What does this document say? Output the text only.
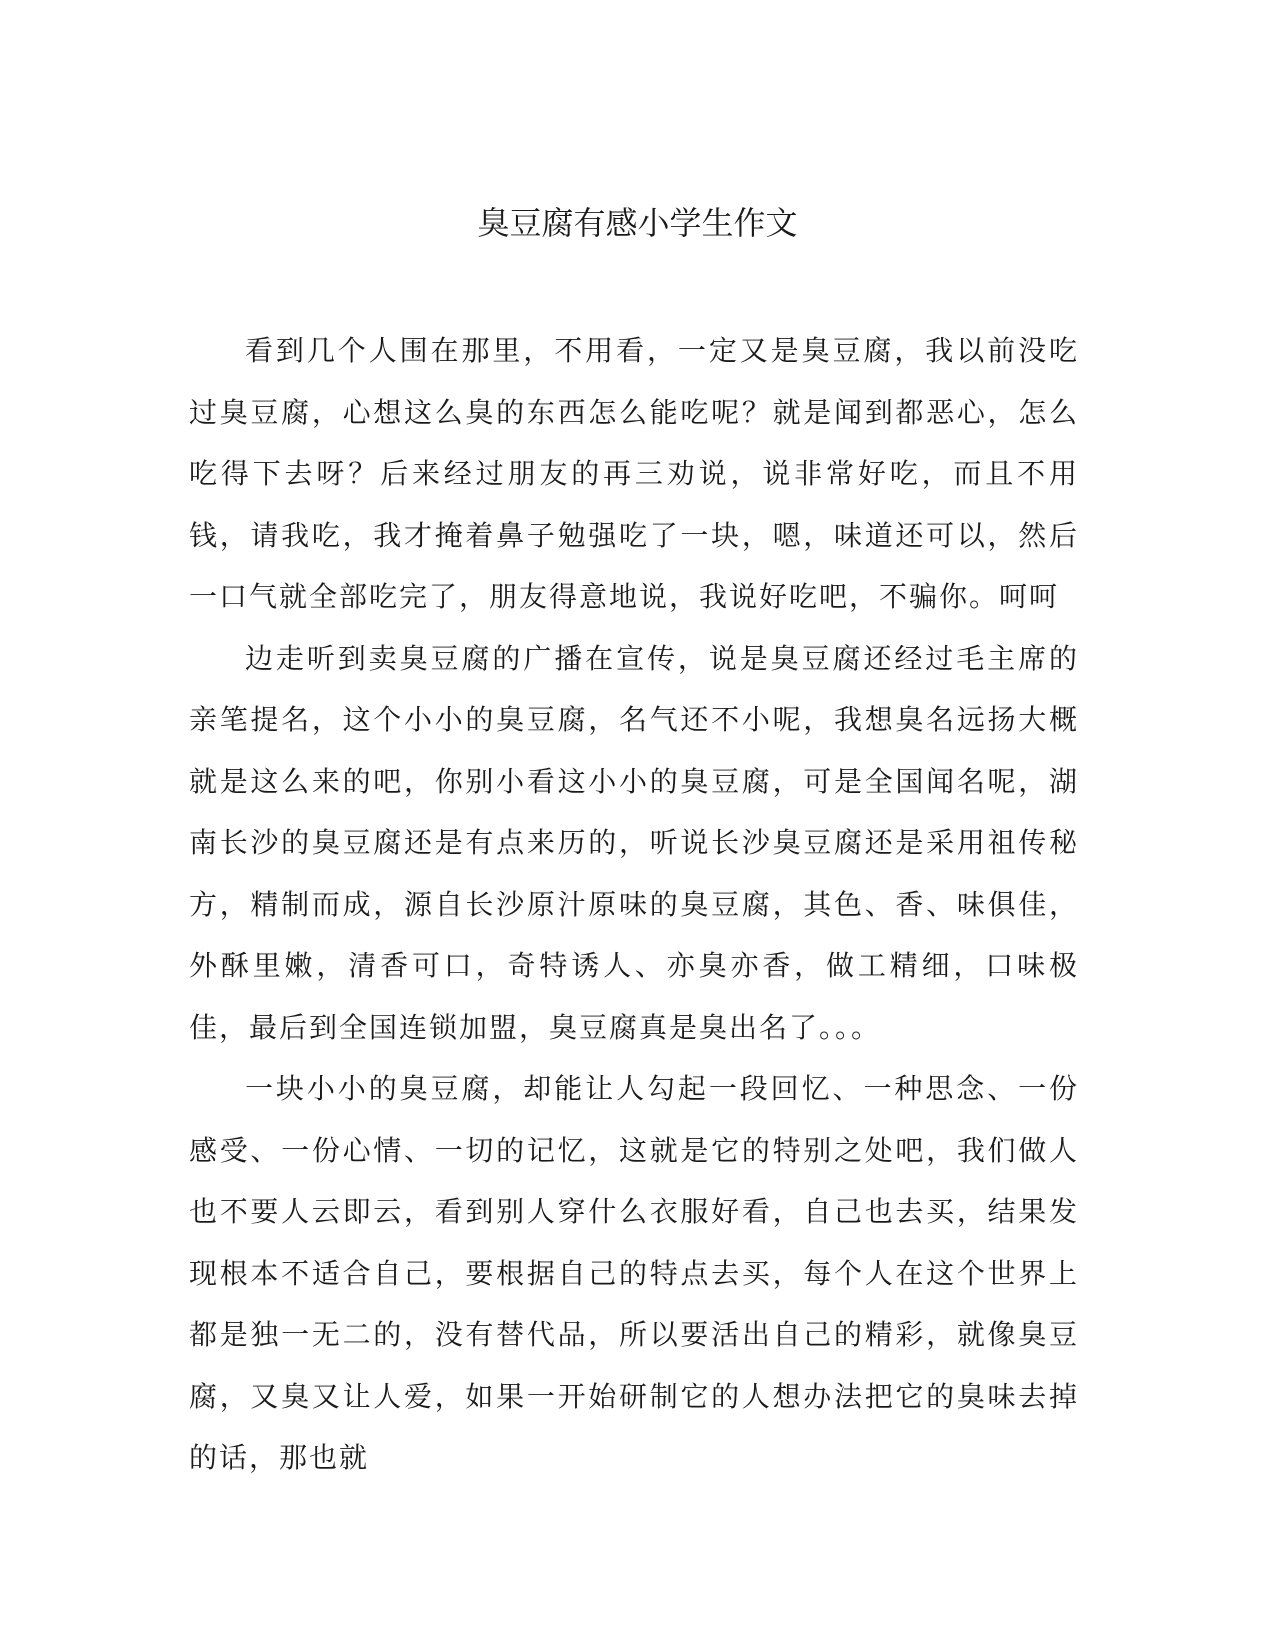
臭豆腐有感小学生作文

看到几个人围在那里，不用看，一定又是臭豆腐，我以前没吃过臭豆腐，心想这么臭的东西怎么能吃呢？就是闻到都恶心，怎么吃得下去呀？后来经过朋友的再三劝说，说非常好吃，而且不用钱，请我吃，我才掩着鼻子勉强吃了一块，嗯，味道还可以，然后一口气就全部吃完了，朋友得意地说，我说好吃吧，不骗你。呵呵

边走听到卖臭豆腐的广播在宣传，说是臭豆腐还经过毛主席的亲笔提名，这个小小的臭豆腐，名气还不小呢，我想臭名远扬大概就是这么来的吧，你别小看这小小的臭豆腐，可是全国闻名呢，湖南长沙的臭豆腐还是有点来历的，听说长沙臭豆腐还是采用祖传秘方，精制而成，源自长沙原汁原味的臭豆腐，其色、香、味俱佳，外酥里嫩，清香可口，奇特诱人、亦臭亦香，做工精细，口味极佳，最后到全国连锁加盟，臭豆腐真是臭出名了。。。

一块小小的臭豆腐，却能让人勾起一段回忆、一种思念、一份感受、一份心情、一切的记忆，这就是它的特别之处吧，我们做人也不要人云即云，看到别人穿什么衣服好看，自己也去买，结果发现根本不适合自己，要根据自己的特点去买，每个人在这个世界上都是独一无二的，没有替代品，所以要活出自己的精彩，就像臭豆腐，又臭又让人爱，如果一开始研制它的人想办法把它的臭味去掉的话，那也就
